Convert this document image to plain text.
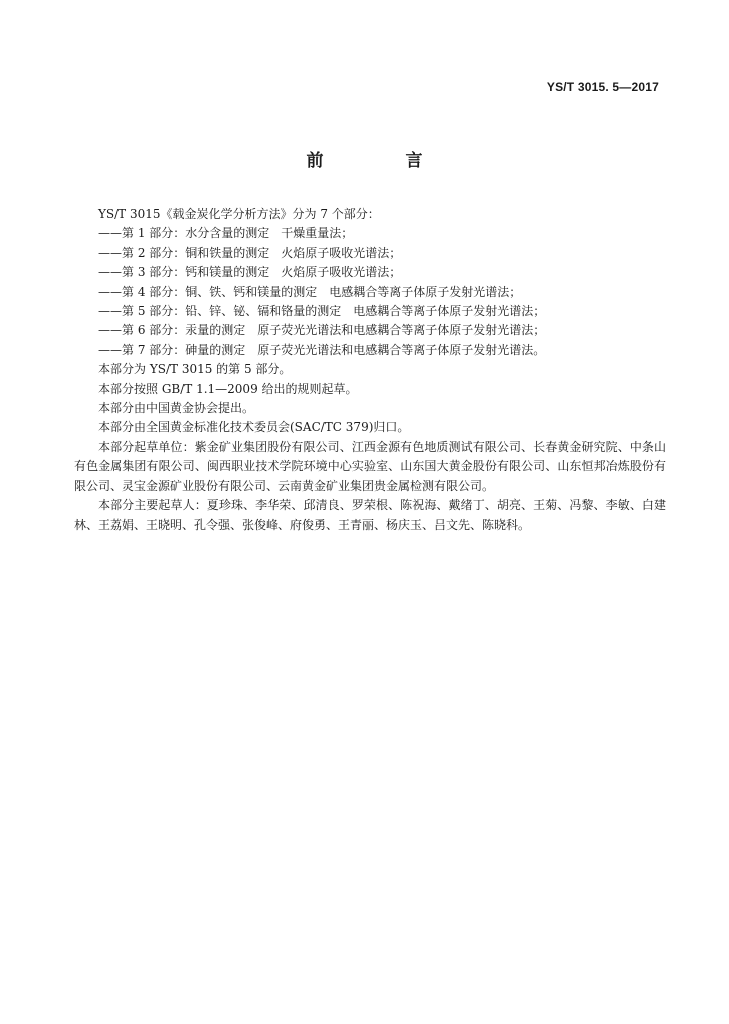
YS/T 3015. 5—2017
前 言

YS/T 3015《载金炭化学分析方法》分为 7 个部分：

——第 1 部分：水分含量的测定　干燥重量法；

——第 2 部分：铜和铁量的测定　火焰原子吸收光谱法；

——第 3 部分：钙和镁量的测定　火焰原子吸收光谱法；

——第 4 部分：铜、铁、钙和镁量的测定　电感耦合等离子体原子发射光谱法；

——第 5 部分：铅、锌、铋、镉和铬量的测定　电感耦合等离子体原子发射光谱法；

——第 6 部分：汞量的测定　原子荧光光谱法和电感耦合等离子体原子发射光谱法；

——第 7 部分：砷量的测定　原子荧光光谱法和电感耦合等离子体原子发射光谱法。

本部分为 YS/T 3015 的第 5 部分。

本部分按照 GB/T 1.1—2009 给出的规则起草。

本部分由中国黄金协会提出。

本部分由全国黄金标准化技术委员会(SAC/TC 379)归口。

本部分起草单位：紫金矿业集团股份有限公司、江西金源有色地质测试有限公司、长春黄金研究院、中条山有色金属集团有限公司、闽西职业技术学院环境中心实验室、山东国大黄金股份有限公司、山东恒邦冶炼股份有限公司、灵宝金源矿业股份有限公司、云南黄金矿业集团贵金属检测有限公司。

本部分主要起草人：夏珍珠、李华荣、邱清良、罗荣根、陈祝海、戴绪丁、胡亮、王菊、冯黎、李敏、白建林、王荔娟、王晓明、孔令强、张俊峰、府俊勇、王青丽、杨庆玉、吕文先、陈晓科。
